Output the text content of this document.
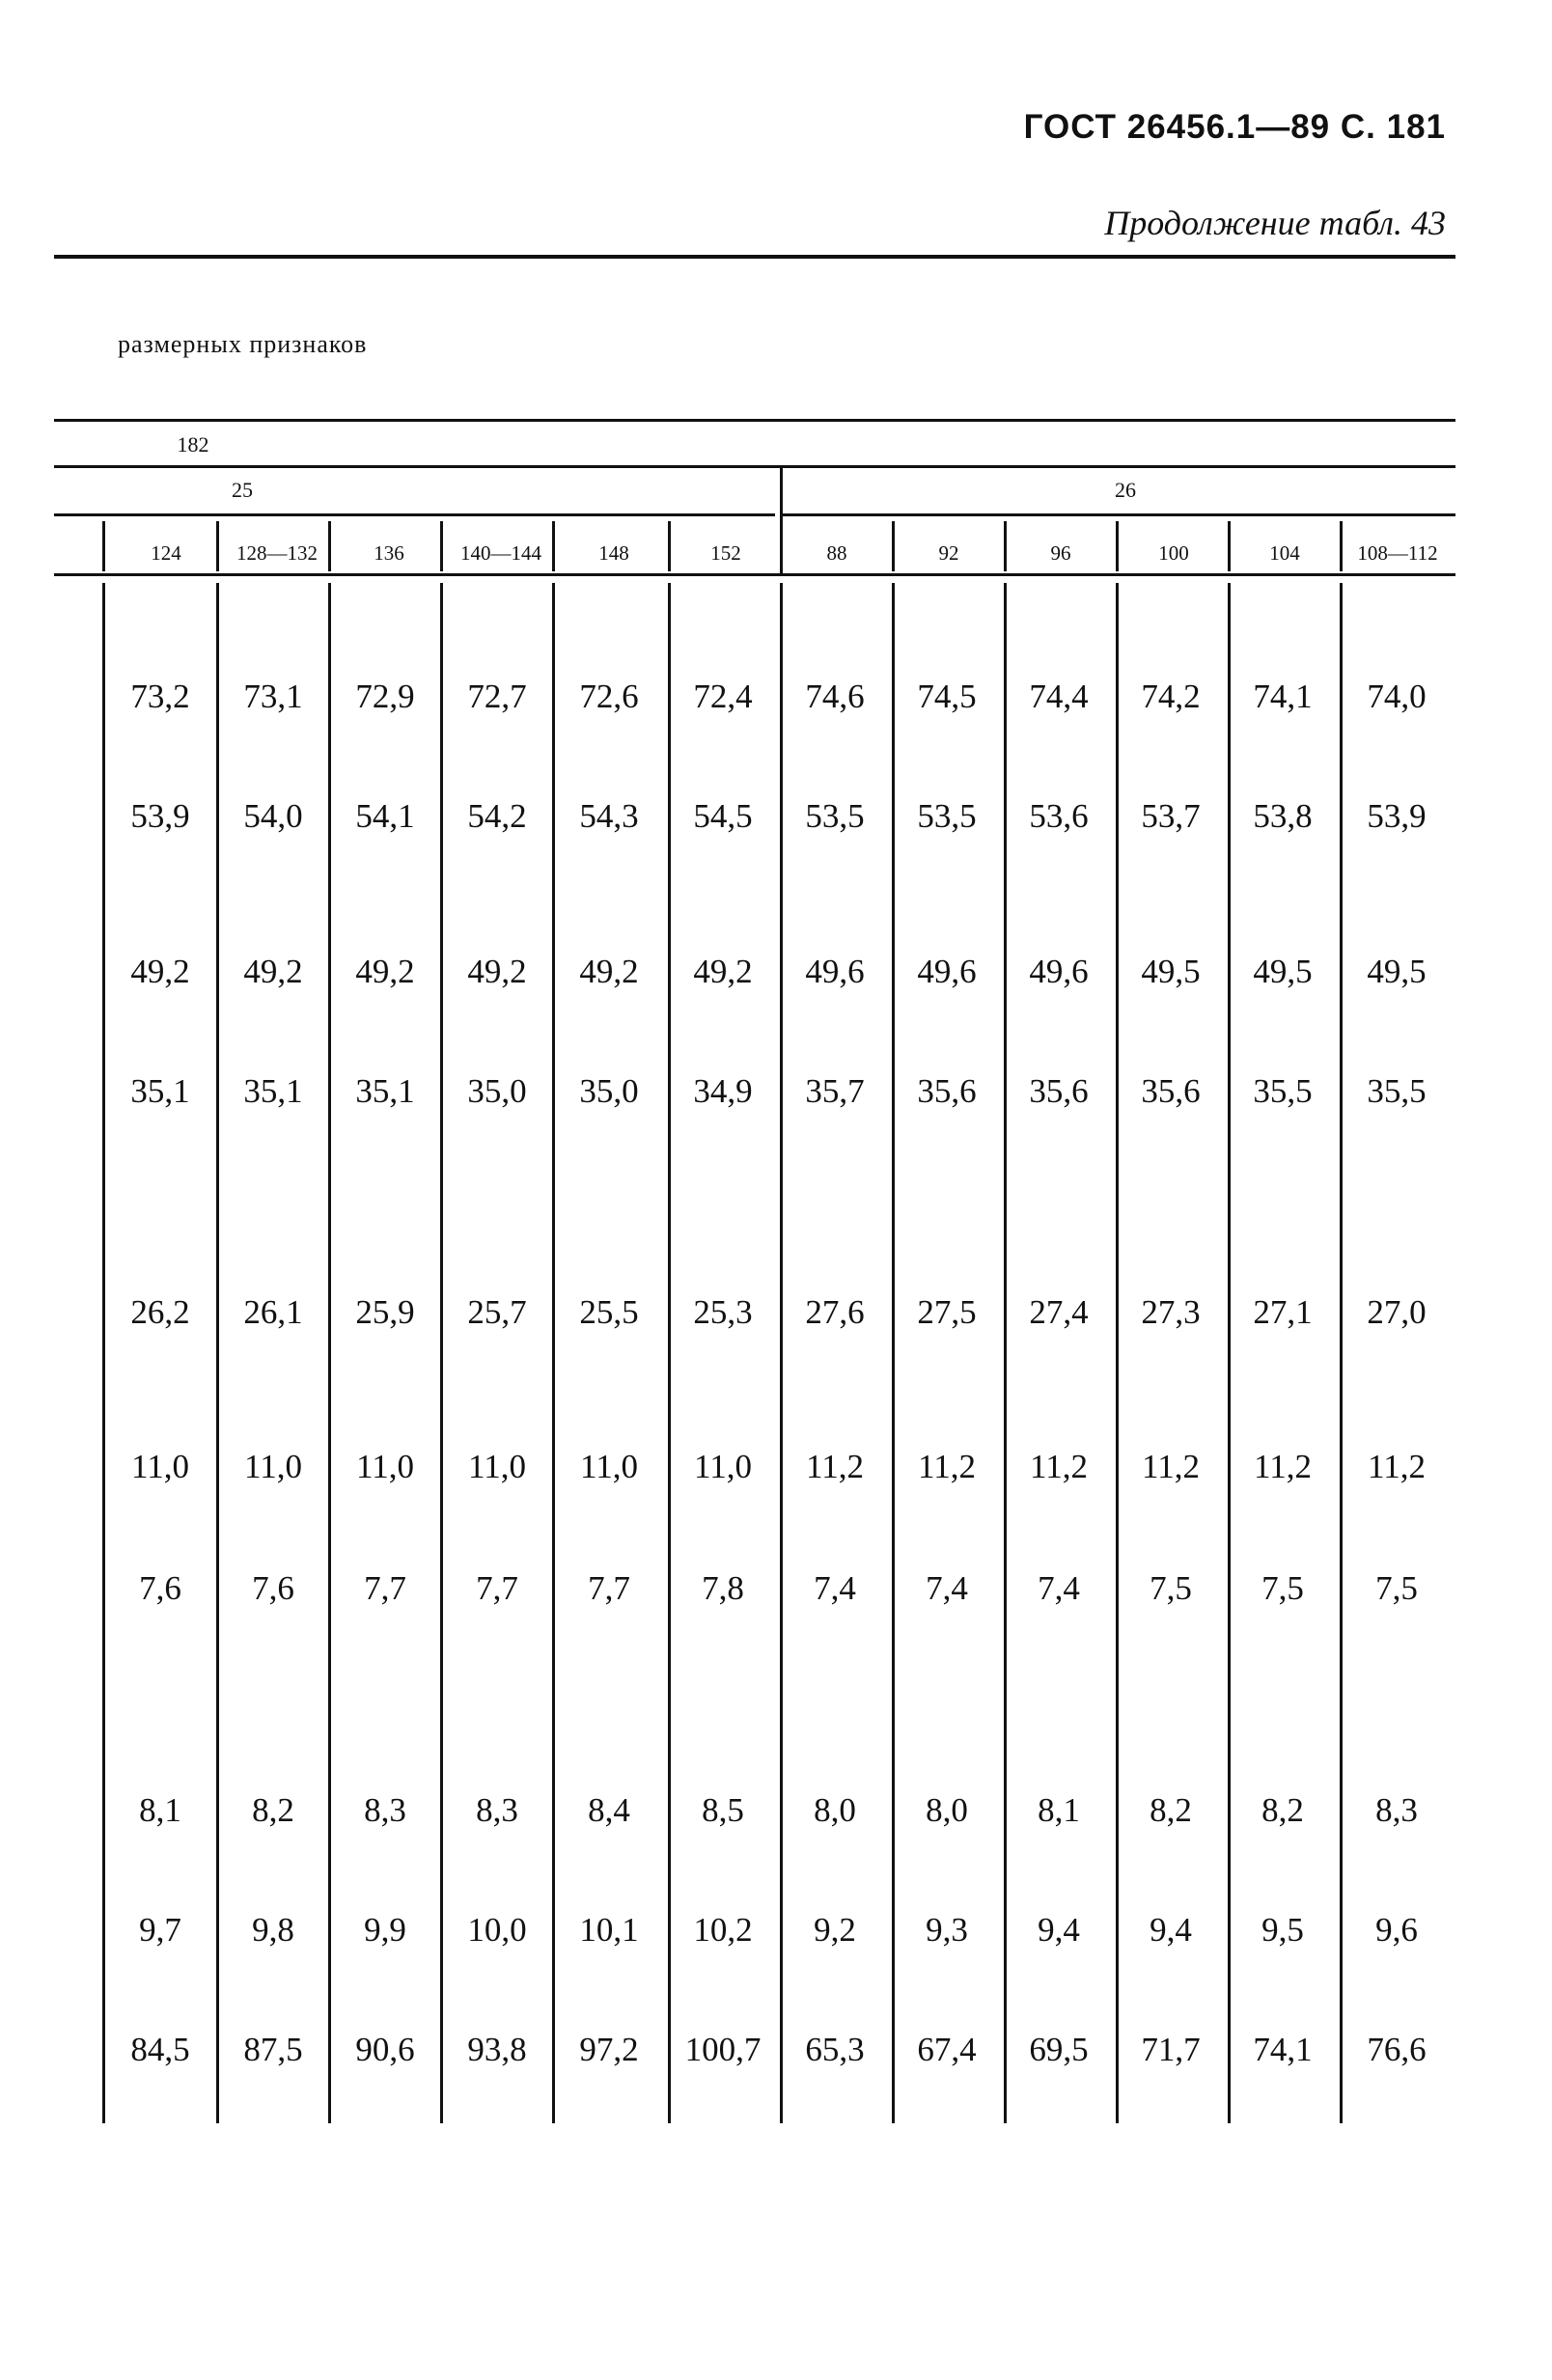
ГОСТ 26456.1—89 С. 181
Продолжение табл. 43
размерных признаков
182
25	26
124	128—132	136	140—144	148	152	88	92	96	100	104	108—112
73,2 73,1 72,9 72,7 72,6 72,4 74,6 74,5 74,4 74,2 74,1 74,0
53,9 54,0 54,1 54,2 54,3 54,5 53,5 53,5 53,6 53,7 53,8 53,9
49,2 49,2 49,2 49,2 49,2 49,2 49,6 49,6 49,6 49,5 49,5 49,5
35,1 35,1 35,1 35,0 35,0 34,9 35,7 35,6 35,6 35,6 35,5 35,5
26,2 26,1 25,9 25,7 25,5 25,3 27,6 27,5 27,4 27,3 27,1 27,0
11,0 11,0 11,0 11,0 11,0 11,0 11,2 11,2 11,2 11,2 11,2 11,2
7,6 7,6 7,7 7,7 7,7 7,8 7,4 7,4 7,4 7,5 7,5 7,5
8,1 8,2 8,3 8,3 8,4 8,5 8,0 8,0 8,1 8,2 8,2 8,3
9,7 9,8 9,9 10,0 10,1 10,2 9,2 9,3 9,4 9,4 9,5 9,6
84,5 87,5 90,6 93,8 97,2 100,7 65,3 67,4 69,5 71,7 74,1 76,6
